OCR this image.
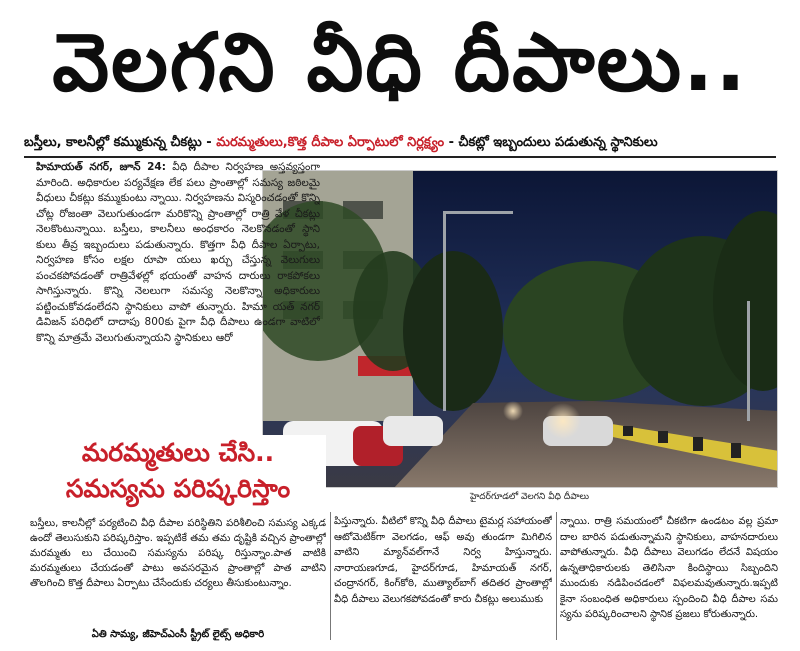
వెలగని వీధి దీపాలు..
బస్తీలు, కాలనీల్లో కమ్ముకున్న చీకట్లు - మరమ్మతులు,కొత్త దీపాల ఏర్పాటులో నిర్లక్ష్యం - చీకట్లో ఇబ్బందులు పడుతున్న స్థానికులు
హైదర్‌గూడలో వెలగని వీధి దీపాలు
హిమాయత్ నగర్, జూన్ 24: వీధి దీపాల నిర్వహణ అస్తవ్యస్తంగా మారింది. అధికారుల పర్యవేక్షణ లేక పలు ప్రాంతాల్లో సమస్య జఠిలమై వీధులు చీకట్లు కమ్ముకుంటు న్నాయి. నిర్వహణను విస్మరించడంతో కొన్ని చోట్ల రోజంతా వెలుగుతుండగా మరికొన్ని ప్రాంతాల్లో రాత్రి వేళ చీకట్లు నెలకొంటున్నాయి. బస్తీలు, కాలనీలు అంధకారం నెలకొనడంతో స్థాని కులు తీవ్ర ఇబ్బందులు పడుతున్నారు. కొత్తగా వీధి దీపాల ఏర్పాటు, నిర్వహణ కోసం లక్షల రూపా యలు ఖర్చు చేస్తున్న వెలుగులు పంచకపోవడంతో రాత్రివేళల్లో భయంతో వాహన దారులు రాకపోకలు సాగిస్తున్నారు. కొన్ని నెలలుగా సమస్య నెలకొన్నా అధికారులు పట్టించుకోవడంలేదని స్థానికులు వాపో తున్నారు. హిమా యత్ నగర్ డివిజన్ పరిధిలో దాదాపు 800కు పైగా వీధి దీపాలు ఉండగా వాటిలో కొన్ని మాత్రమే వెలుగుతున్నాయని స్థానికులు ఆరో
మరమ్మతులు చేసి..
సమస్యను పరిష్కరిస్తాం
బస్తీలు, కాలనీల్లో పర్యటించి వీధి దీపాల పరిస్థితిని పరిశీలించి సమస్య ఎక్కడ ఉందో తెలుసుకుని పరిష్కరిస్తాం. ఇప్పటికే తమ తమ దృష్టికి వచ్చిన ప్రాంతాల్లో మరమ్మతు లు చేయించి సమస్యను పరిష్క రిస్తున్నాం.పాత వాటికి మరమ్మతులు చేయడంతో పాటు అవసరమైన ప్రాంతాల్లో పాత వాటిని తొలగించి కొత్త దీపాలు ఏర్పాటు చేసేందుకు చర్యలు తీసుకుంటున్నాం.
ఏతి సామ్య, జీహెచ్‌ఎంసీ స్ట్రీట్ లైట్స్ అధికారి
పిస్తున్నారు. వీటిలో కొన్ని వీధి దీపాలు టైమర్ల సహాయంతో ఆటోమెటిక్‌గా వెలగడం, ఆఫ్ అవు తుండగా మిగిలిన వాటిని మ్యాన్‌వల్‌గానే నిర్వ హిస్తున్నారు. నారాయణగూడ, హైదర్‌గూడ, హిమాయత్ నగర్, చంద్రానగర్, కింగ్‌కోఠి, ముత్యాల్‌బాగ్ తదితర ప్రాంతాల్లో వీధి దీపాలు వెలుగకపోవడంతో కారు చీకట్లు అలుముకు
న్నాయి. రాత్రి సమయంలో చీకటిగా ఉండటం వల్ల ప్రమా దాల బారిన పడుతున్నామని స్థానికులు, వాహనదారులు వాపోతున్నారు. వీధి దీపాలు వెలుగడం లేదనే విషయం ఉన్నతాధికారులకు తెలిసినా కిందిస్థాయి సిబ్బందిని ముందుకు నడిపించడంలో విఫలమవుతున్నారు.ఇప్పటి కైనా సంబంధిత అధికారులు స్పందించి వీధి దీపాల సమ స్యను పరిష్కరించాలని స్థానిక ప్రజలు కోరుతున్నారు.
